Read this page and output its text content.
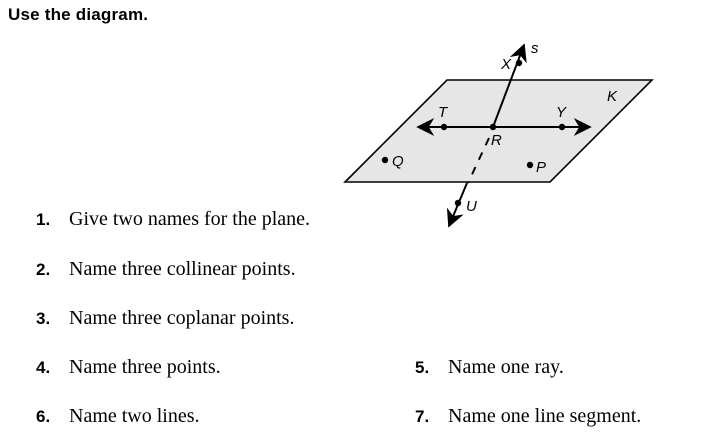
Use the diagram.
s
X
K
T	Y
R
Q	P
U
1. Give two names for the plane.
2. Name three collinear points.
3. Name three coplanar points.
4. Name three points.	5. Name one ray.
6. Name two lines.	7. Name one line segment.
